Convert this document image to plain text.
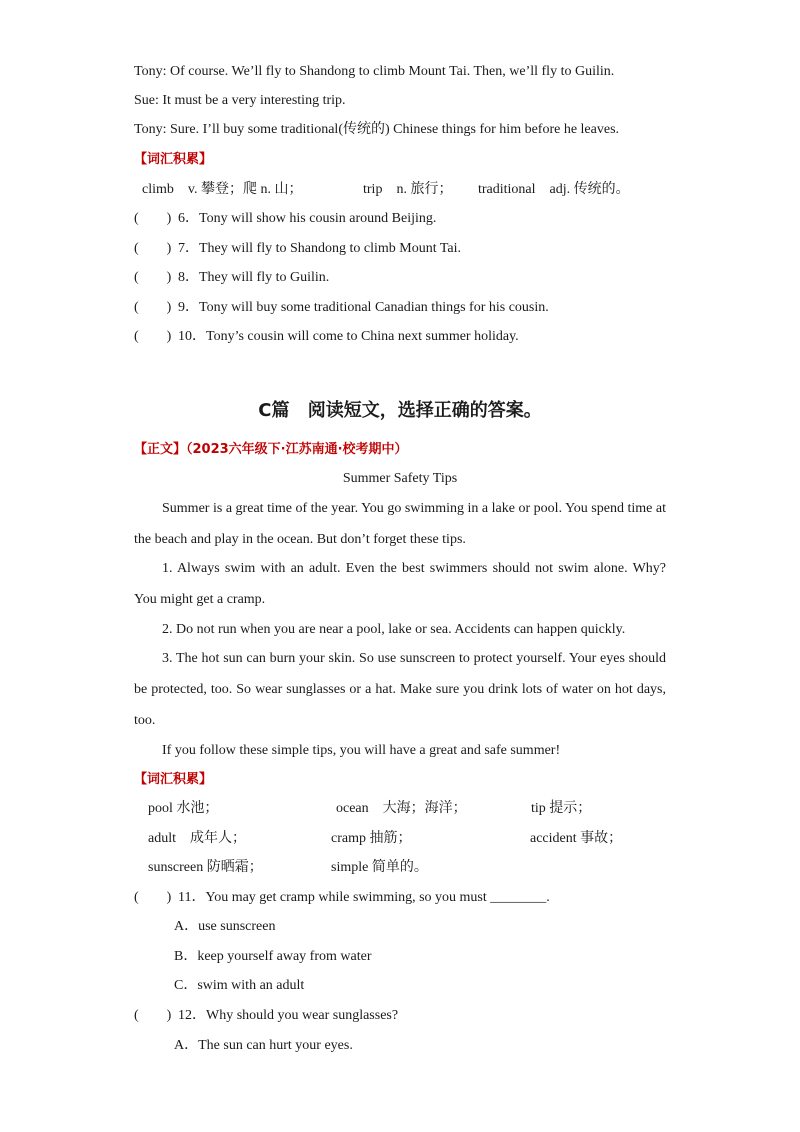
Tony: Of course. We’ll fly to Shandong to climb Mount Tai. Then, we’ll fly to Guilin.
Sue: It must be a very interesting trip.
Tony: Sure. I’ll buy some traditional(传统的) Chinese things for him before he leaves.
【词汇积累】
climb　v. 攀登；爬 n. 山；	trip　n. 旅行； traditional　adj. 传统的。
(　　) 6．Tony will show his cousin around Beijing.
(　　) 7．They will fly to Shandong to climb Mount Tai.
(　　) 8．They will fly to Guilin.
(　　) 9．Tony will buy some traditional Canadian things for his cousin.
(　　) 10．Tony’s cousin will come to China next summer holiday.
C篇 阅读短文，选择正确的答案。
【正文】（2023六年级下·江苏南通·校考期中）
Summer Safety Tips
Summer is a great time of the year. You go swimming in a lake or pool. You spend time at the beach and play in the ocean. But don’t forget these tips.
1. Always swim with an adult. Even the best swimmers should not swim alone. Why? You might get a cramp.
2. Do not run when you are near a pool, lake or sea. Accidents can happen quickly.
3. The hot sun can burn your skin. So use sunscreen to protect yourself. Your eyes should be protected, too. So wear sunglasses or a hat. Make sure you drink lots of water on hot days, too.
If you follow these simple tips, you will have a great and safe summer!
【词汇积累】
pool 水池；	ocean　大海；海洋；	tip 提示；
adult　成年人；	cramp 抽筋；	accident 事故；
sunscreen 防晒霜；	simple 简单的。
(　　) 11．You may get cramp while swimming, so you must ________.
A．use sunscreen
B．keep yourself away from water
C．swim with an adult
(　　) 12．Why should you wear sunglasses?
A．The sun can hurt your eyes.
